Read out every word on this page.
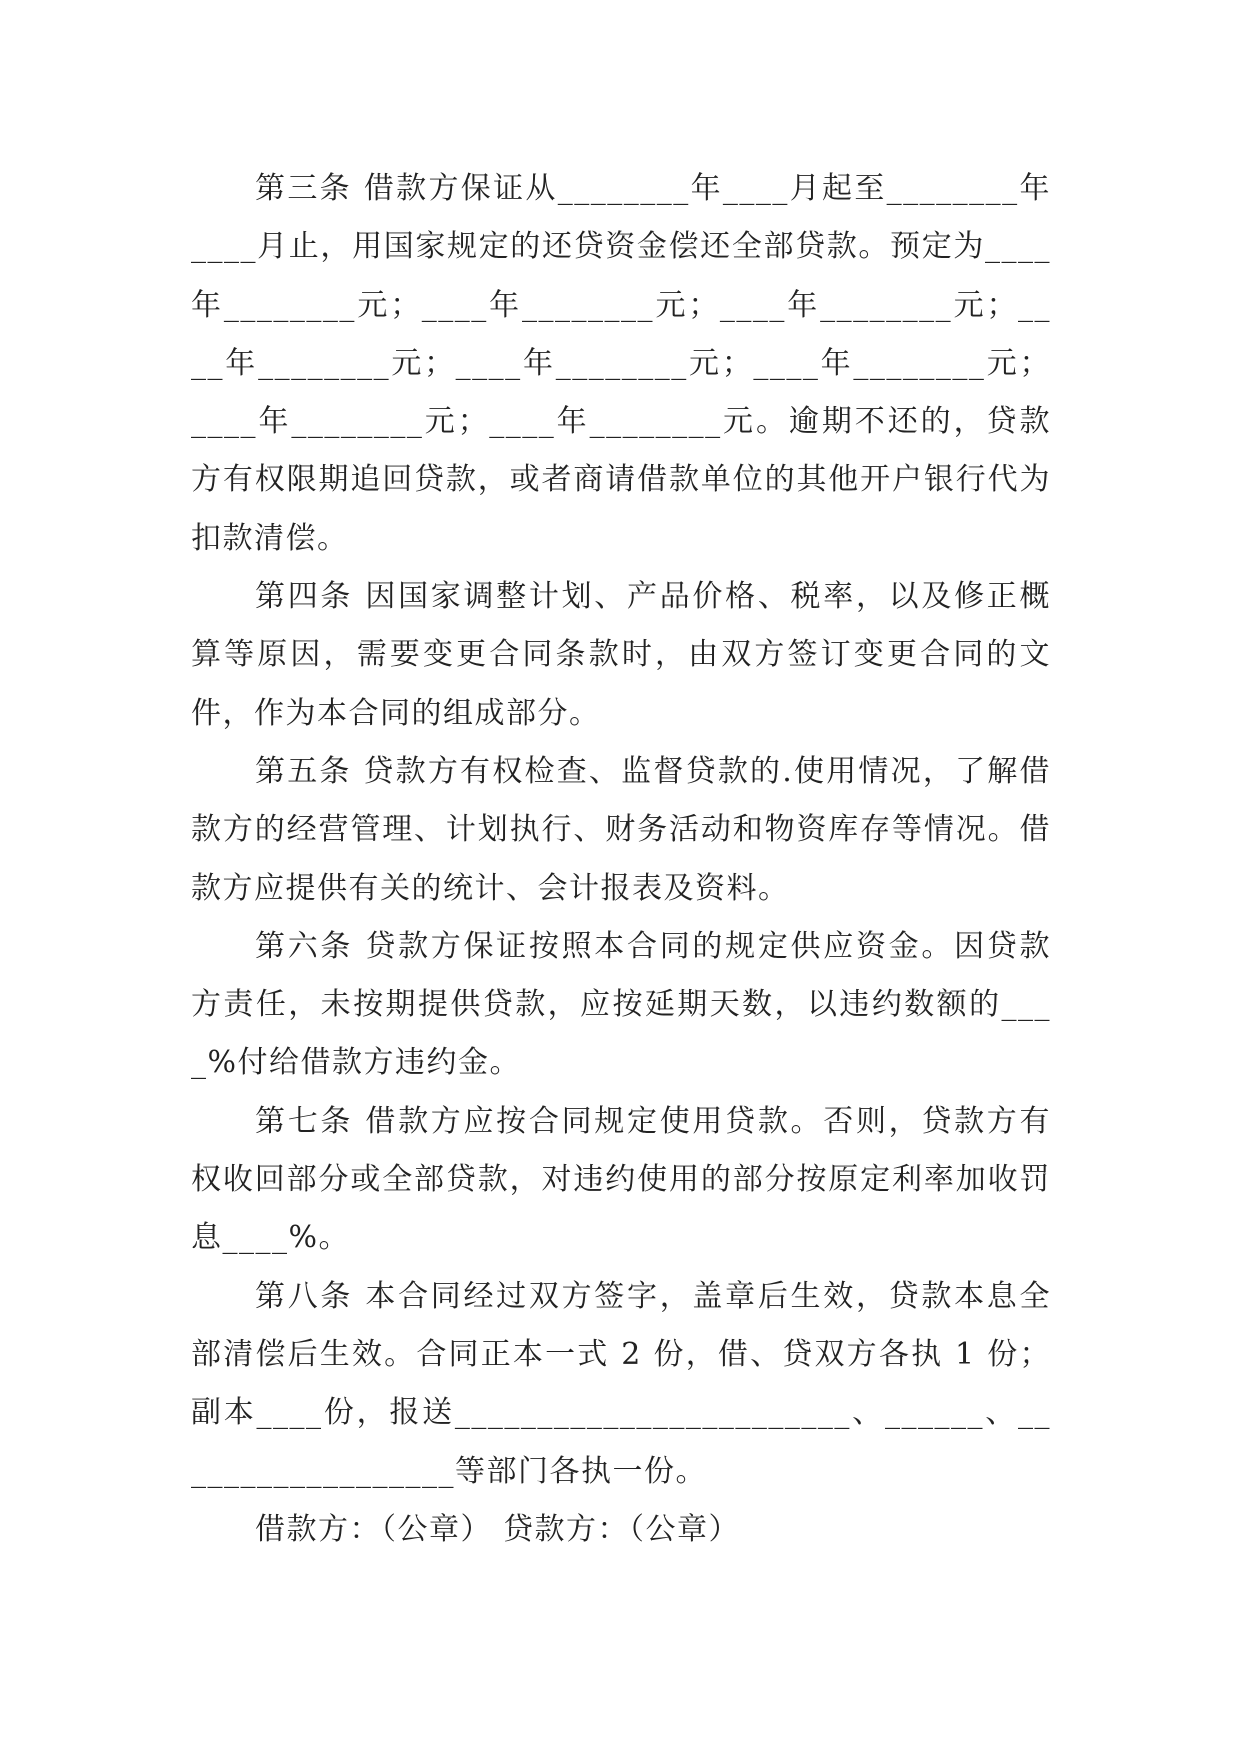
第三条 借款方保证从________年____月起至________年____月止，用国家规定的还贷资金偿还全部贷款。预定为____年________元；____年________元；____年________元；____年________元；____年________元；____年________元；____年________元；____年________元。逾期不还的，贷款方有权限期追回贷款，或者商请借款单位的其他开户银行代为扣款清偿。

第四条 因国家调整计划、产品价格、税率，以及修正概算等原因，需要变更合同条款时，由双方签订变更合同的文件，作为本合同的组成部分。

第五条 贷款方有权检查、监督贷款的.使用情况，了解借款方的经营管理、计划执行、财务活动和物资库存等情况。借款方应提供有关的统计、会计报表及资料。

第六条 贷款方保证按照本合同的规定供应资金。因贷款方责任，未按期提供贷款，应按延期天数，以违约数额的____%付给借款方违约金。

第七条 借款方应按合同规定使用贷款。否则，贷款方有权收回部分或全部贷款，对违约使用的部分按原定利率加收罚息____%。

第八条 本合同经过双方签字，盖章后生效，贷款本息全部清偿后生效。合同正本一式 2 份，借、贷双方各执 1 份；副本____份，报送________________________、______、__________________等部门各执一份。

借款方：（公章） 贷款方：（公章）
